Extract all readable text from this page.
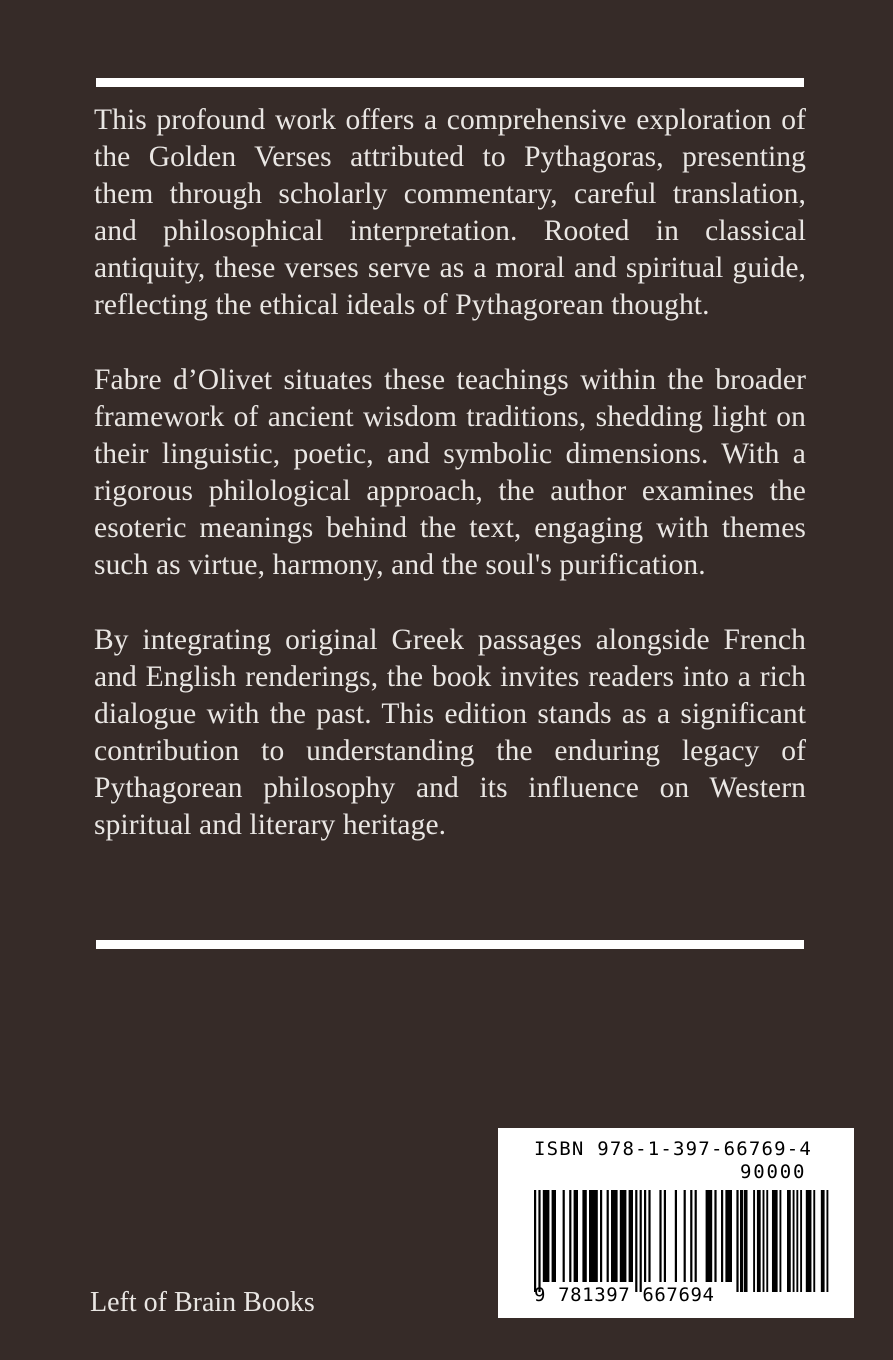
This profound work offers a comprehensive exploration of the Golden Verses attributed to Pythagoras, presenting them through scholarly commentary, careful translation, and philosophical interpretation. Rooted in classical antiquity, these verses serve as a moral and spiritual guide, reflecting the ethical ideals of Pythagorean thought.

Fabre d’Olivet situates these teachings within the broader framework of ancient wisdom traditions, shedding light on their linguistic, poetic, and symbolic dimensions. With a rigorous philological approach, the author examines the esoteric meanings behind the text, engaging with themes such as virtue, harmony, and the soul's purification.

By integrating original Greek passages alongside French and English renderings, the book invites readers into a rich dialogue with the past. This edition stands as a significant contribution to understanding the enduring legacy of Pythagorean philosophy and its influence on Western spiritual and literary heritage.

Left of Brain Books
ISBN 978-1-397-66769-4
90000
9 781397 667694
